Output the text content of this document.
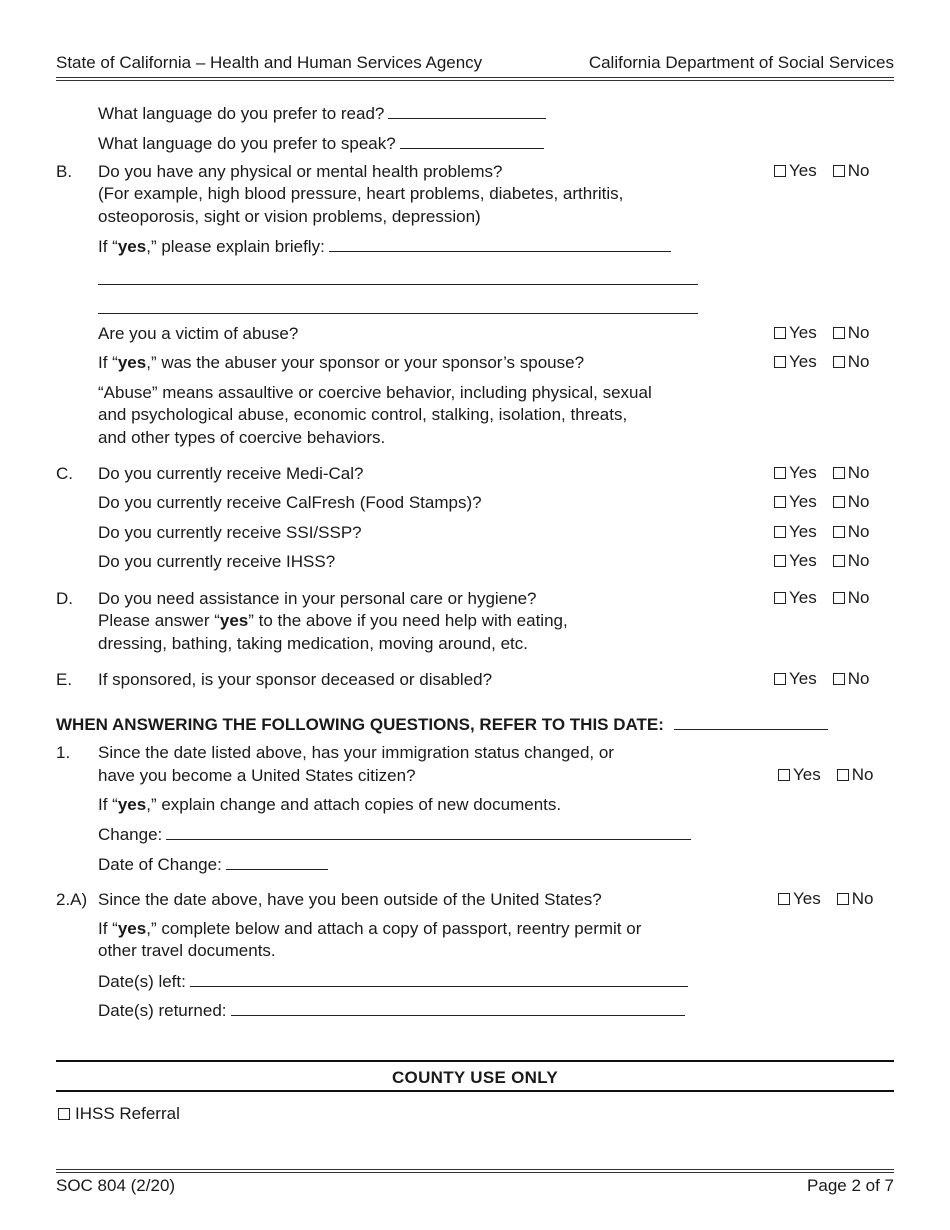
State of California – Health and Human Services Agency	California Department of Social Services
What language do you prefer to read?
What language do you prefer to speak?
B. Do you have any physical or mental health problems?
(For example, high blood pressure, heart problems, diabetes, arthritis,
osteoporosis, sight or vision problems, depression)
Yes No
If “yes,” please explain briefly:
Are you a victim of abuse?	Yes No
If “yes,” was the abuser your sponsor or your sponsor’s spouse?	Yes No
“Abuse” means assaultive or coercive behavior, including physical, sexual
and psychological abuse, economic control, stalking, isolation, threats,
and other types of coercive behaviors.
C. Do you currently receive Medi-Cal?	Yes No
Do you currently receive CalFresh (Food Stamps)?	Yes No
Do you currently receive SSI/SSP?	Yes No
Do you currently receive IHSS?	Yes No
D. Do you need assistance in your personal care or hygiene?
Please answer “yes” to the above if you need help with eating,
dressing, bathing, taking medication, moving around, etc.
Yes No
E. If sponsored, is your sponsor deceased or disabled?	Yes No
WHEN ANSWERING THE FOLLOWING QUESTIONS, REFER TO THIS DATE:
1. Since the date listed above, has your immigration status changed, or
have you become a United States citizen?	Yes No
If “yes,” explain change and attach copies of new documents.
Change:
Date of Change:
2.A) Since the date above, have you been outside of the United States?	Yes No
If “yes,” complete below and attach a copy of passport, reentry permit or
other travel documents.
Date(s) left:
Date(s) returned:
COUNTY USE ONLY
IHSS Referral
SOC 804 (2/20)	Page 2 of 7
